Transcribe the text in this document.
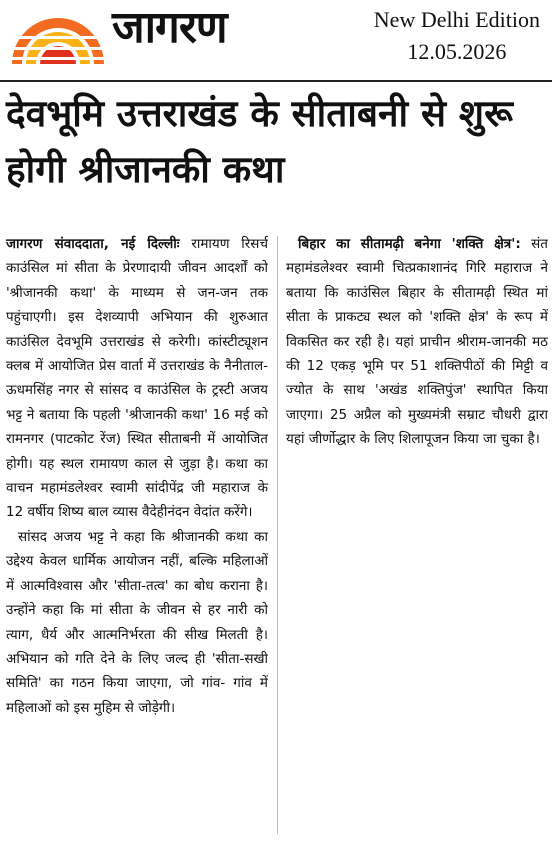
जागरण	New Delhi Edition
12.05.2026
देवभूमि उत्तराखंड के सीताबनी से शुरू होगी श्रीजानकी कथा

जागरण संवाददाता, नई दिल्लीः रामायण रिसर्च काउंसिल मां सीता के प्रेरणादायी जीवन आदर्शों को 'श्रीजानकी कथा' के माध्यम से जन-जन तक पहुंचाएगी। इस देशव्यापी अभियान की शुरुआत काउंसिल देवभूमि उत्तराखंड से करेगी। कांस्टीट्यूशन क्लब में आयोजित प्रेस वार्ता में उत्तराखंड के नैनीताल-ऊधमसिंह नगर से सांसद व काउंसिल के ट्रस्टी अजय भट्ट ने बताया कि पहली 'श्रीजानकी कथा' 16 मई को रामनगर (पाटकोट रेंज) स्थित सीताबनी में आयोजित होगी। यह स्थल रामायण काल से जुड़ा है। कथा का वाचन महामंडलेश्वर स्वामी सांदीपेंद्र जी महाराज के 12 वर्षीय शिष्य बाल व्यास वैदेहीनंदन वेदांत करेंगे।

सांसद अजय भट्ट ने कहा कि श्रीजानकी कथा का उद्देश्य केवल धार्मिक आयोजन नहीं, बल्कि महिलाओं में आत्मविश्वास और 'सीता-तत्व' का बोध कराना है। उन्होंने कहा कि मां सीता के जीवन से हर नारी को त्याग, धैर्य और आत्मनिर्भरता की सीख मिलती है। अभियान को गति देने के लिए जल्द ही 'सीता-सखी समिति' का गठन किया जाएगा, जो गांव- गांव में महिलाओं को इस मुहिम से जोड़ेगी।

बिहार का सीतामढ़ी बनेगा 'शक्ति क्षेत्र': संत महामंडलेश्वर स्वामी चित्प्रकाशानंद गिरि महाराज ने बताया कि काउंसिल बिहार के सीतामढ़ी स्थित मां सीता के प्राकट्य स्थल को 'शक्ति क्षेत्र' के रूप में विकसित कर रही है। यहां प्राचीन श्रीराम-जानकी मठ की 12 एकड़ भूमि पर 51 शक्तिपीठों की मिट्टी व ज्योत के साथ 'अखंड शक्तिपुंज' स्थापित किया जाएगा। 25 अप्रैल को मुख्यमंत्री सम्राट चौधरी द्वारा यहां जीर्णोद्धार के लिए शिलापूजन किया जा चुका है।
